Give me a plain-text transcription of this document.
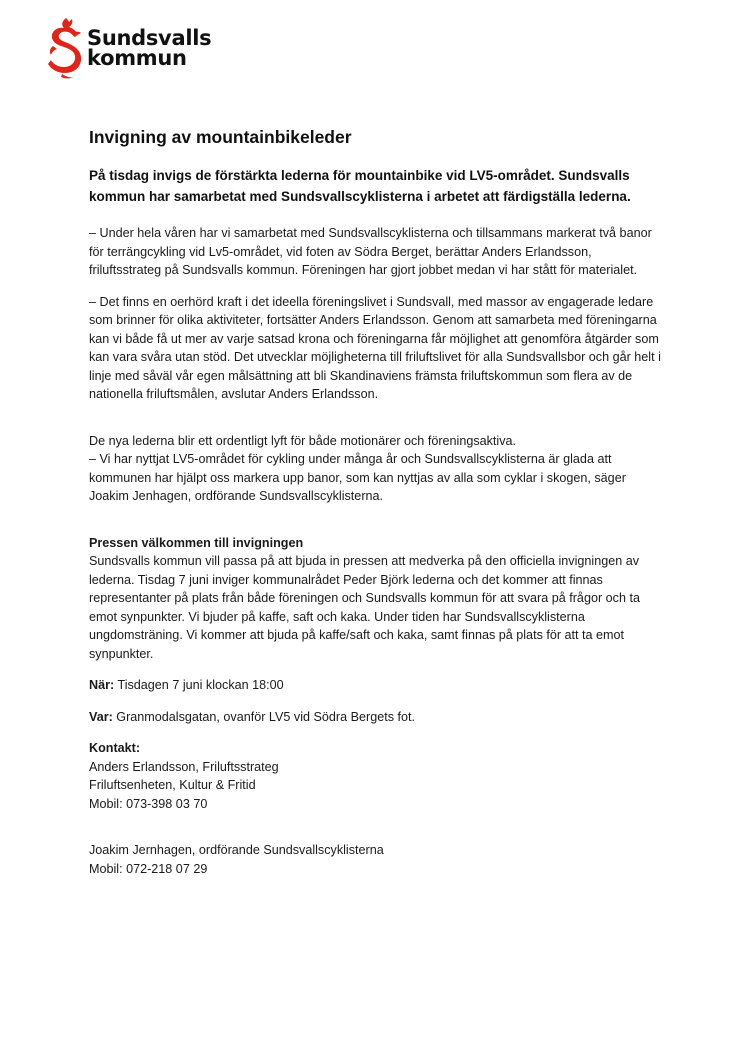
Sundsvalls
kommun
Invigning av mountainbikeleder

På tisdag invigs de förstärkta lederna för mountainbike vid LV5-området. Sundsvalls kommun har samarbetat med Sundsvallscyklisterna i arbetet att färdigställa lederna.

– Under hela våren har vi samarbetat med Sundsvallscyklisterna och tillsammans markerat två banor för terrängcykling vid Lv5-området, vid foten av Södra Berget, berättar Anders Erlandsson, friluftsstrateg på Sundsvalls kommun. Föreningen har gjort jobbet medan vi har stått för materialet.

– Det finns en oerhörd kraft i det ideella föreningslivet i Sundsvall, med massor av engagerade ledare som brinner för olika aktiviteter, fortsätter Anders Erlandsson. Genom att samarbeta med föreningarna kan vi både få ut mer av varje satsad krona och föreningarna får möjlighet att genomföra åtgärder som kan vara svåra utan stöd. Det utvecklar möjligheterna till friluftslivet för alla Sundsvallsbor och går helt i linje med såväl vår egen målsättning att bli Skandinaviens främsta friluftskommun som flera av de nationella friluftsmålen, avslutar Anders Erlandsson.

De nya lederna blir ett ordentligt lyft för både motionärer och föreningsaktiva.
– Vi har nyttjat LV5-området för cykling under många år och Sundsvallscyklisterna är glada att kommunen har hjälpt oss markera upp banor, som kan nyttjas av alla som cyklar i skogen, säger Joakim Jenhagen, ordförande Sundsvallscyklisterna.

Pressen välkommen till invigningen

Sundsvalls kommun vill passa på att bjuda in pressen att medverka på den officiella invigningen av lederna. Tisdag 7 juni inviger kommunalrådet Peder Björk lederna och det kommer att finnas representanter på plats från både föreningen och Sundsvalls kommun för att svara på frågor och ta emot synpunkter. Vi bjuder på kaffe, saft och kaka. Under tiden har Sundsvallscyklisterna ungdomsträning. Vi kommer att bjuda på kaffe/saft och kaka, samt finnas på plats för att ta emot synpunkter.

När: Tisdagen 7 juni klockan 18:00

Var: Granmodalsgatan, ovanför LV5 vid Södra Bergets fot.

Kontakt:
Anders Erlandsson, Friluftsstrateg
Friluftsenheten, Kultur & Fritid
Mobil: 073-398 03 70

Joakim Jernhagen, ordförande Sundsvallscyklisterna
Mobil: 072-218 07 29
